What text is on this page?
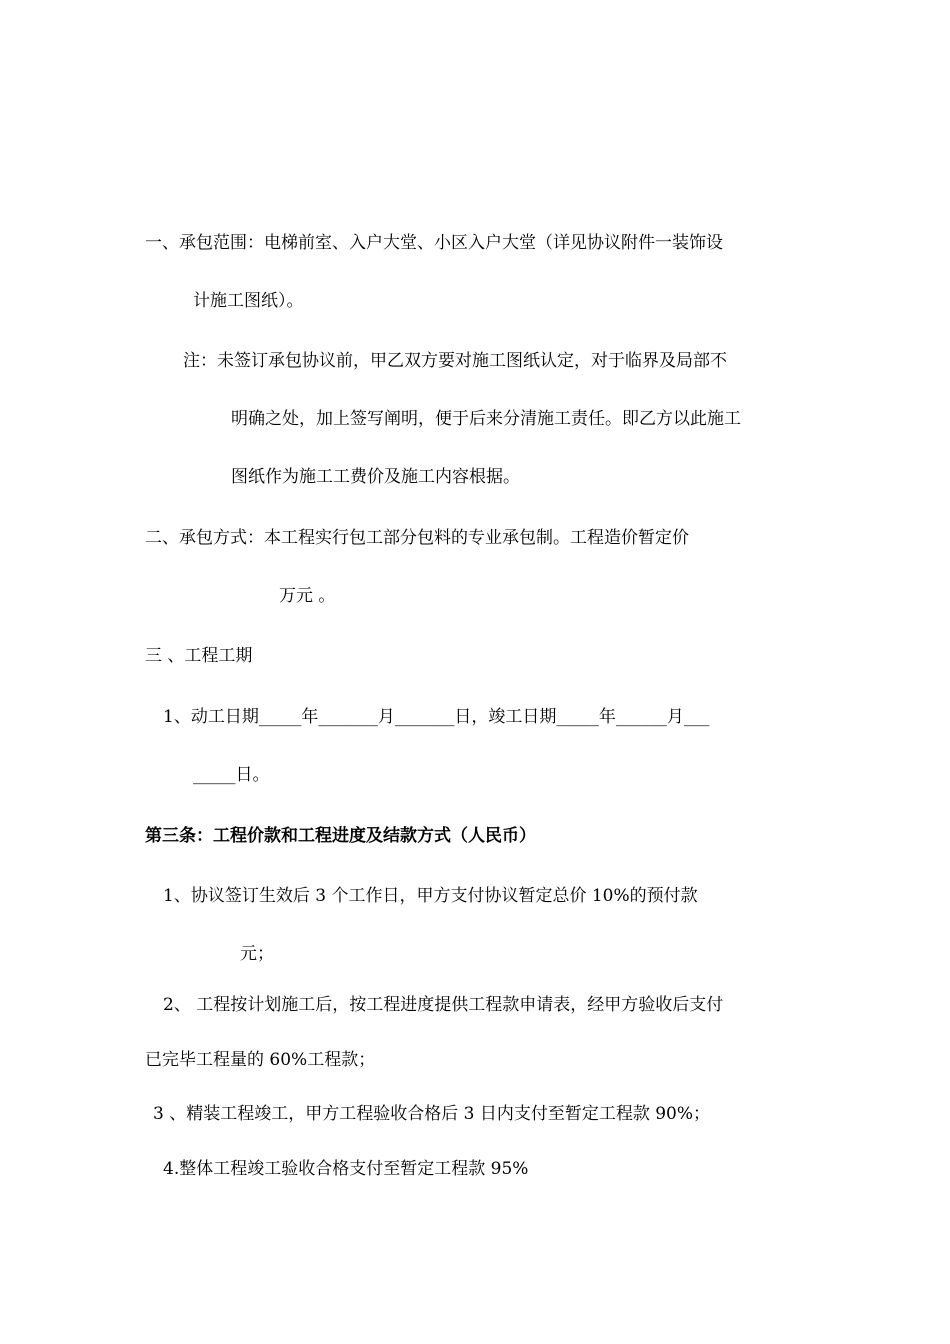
一、承包范围：电梯前室、入户大堂、小区入户大堂（详见协议附件一装饰设
计施工图纸）。
注：未签订承包协议前，甲乙双方要对施工图纸认定，对于临界及局部不
明确之处，加上签写阐明，便于后来分清施工责任。即乙方以此施工
图纸作为施工工费价及施工内容根据。
二、承包方式：本工程实行包工部分包料的专业承包制。工程造价暂定价
万元 。
三 、工程工期
1、动工日期_____年_______月_______日，竣工日期_____年______月___
_____日。
第三条：工程价款和工程进度及结款方式（人民币）
1、协议签订生效后 3 个工作日，甲方支付协议暂定总价 10%的预付款
元；
2、 工程按计划施工后，按工程进度提供工程款申请表，经甲方验收后支付
已完毕工程量的 60%工程款；
3 、精装工程竣工，甲方工程验收合格后 3 日内支付至暂定工程款 90%；
4.整体工程竣工验收合格支付至暂定工程款 95%
